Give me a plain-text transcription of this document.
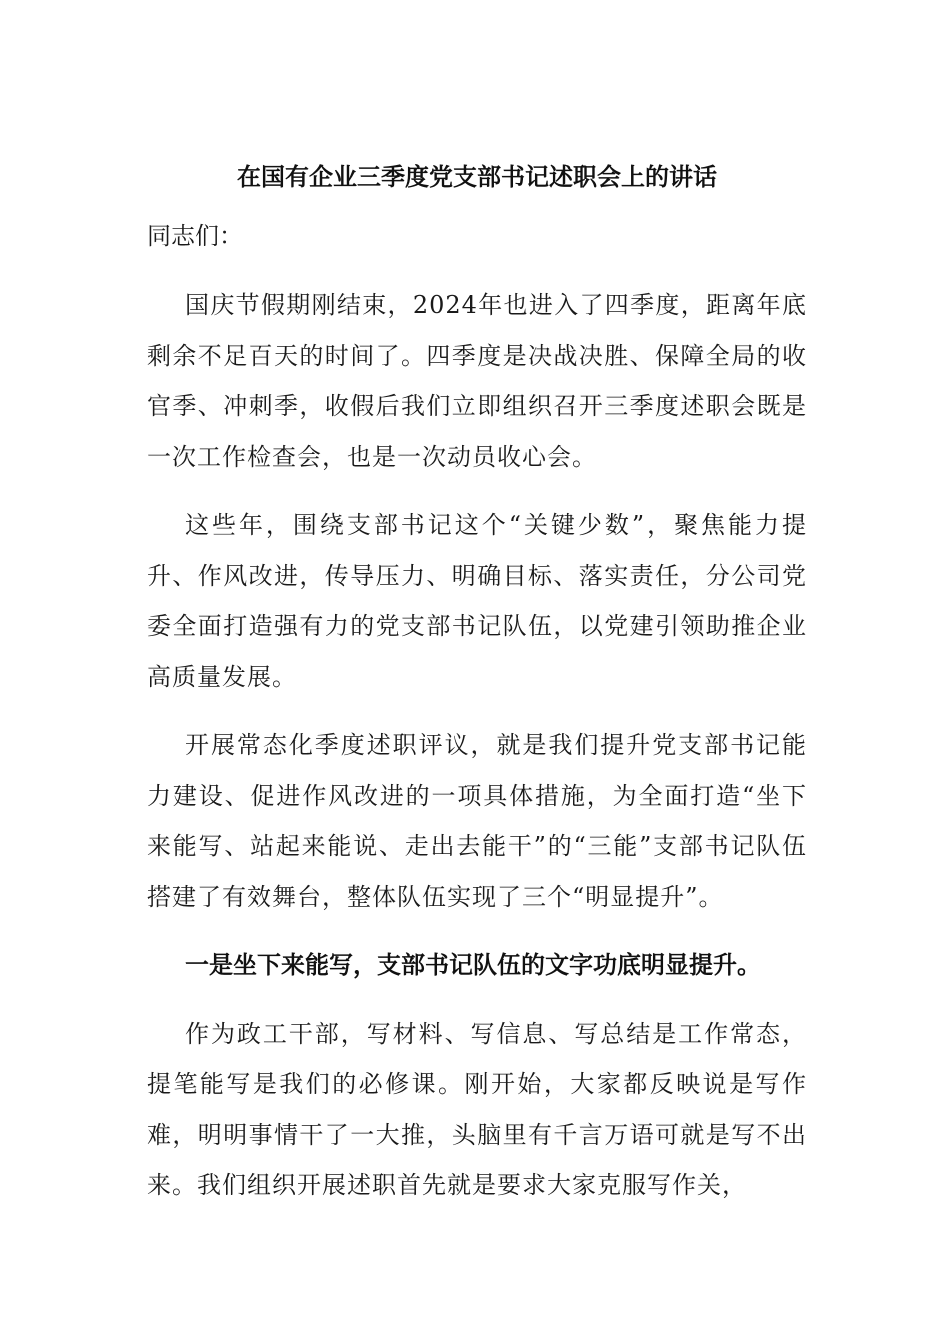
在国有企业三季度党支部书记述职会上的讲话

同志们：

国庆节假期刚结束，2024年也进入了四季度，距离年底剩余不足百天的时间了。四季度是决战决胜、保障全局的收官季、冲刺季，收假后我们立即组织召开三季度述职会既是一次工作检查会，也是一次动员收心会。

这些年，围绕支部书记这个“关键少数”，聚焦能力提升、作风改进，传导压力、明确目标、落实责任，分公司党委全面打造强有力的党支部书记队伍，以党建引领助推企业高质量发展。

开展常态化季度述职评议，就是我们提升党支部书记能力建设、促进作风改进的一项具体措施，为全面打造“坐下来能写、站起来能说、走出去能干”的“三能”支部书记队伍搭建了有效舞台，整体队伍实现了三个“明显提升”。

一是坐下来能写，支部书记队伍的文字功底明显提升。

作为政工干部，写材料、写信息、写总结是工作常态，提笔能写是我们的必修课。刚开始，大家都反映说是写作难，明明事情干了一大推，头脑里有千言万语可就是写不出来。我们组织开展述职首先就是要求大家克服写作关，
